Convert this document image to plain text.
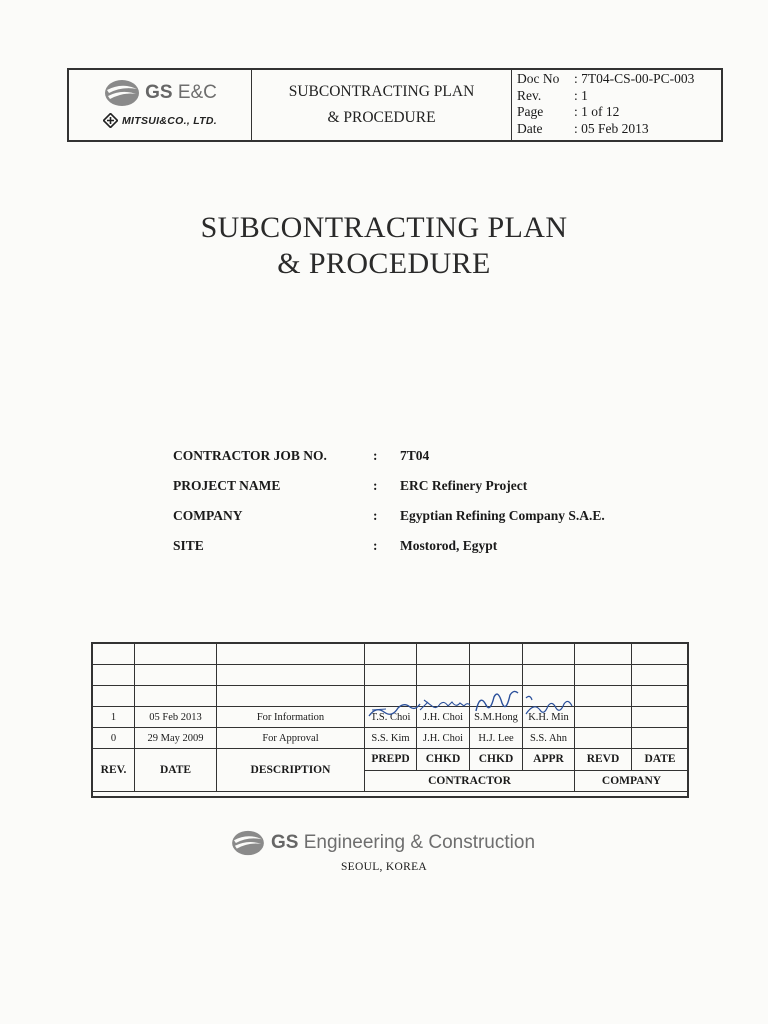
GS E&C
MITSUI&CO., LTD.
SUBCONTRACTING PLAN
& PROCEDURE
Doc No	: 7T04-CS-00-PC-003
Rev.	: 1
Page	: 1 of 12
Date	: 05 Feb 2013
SUBCONTRACTING PLAN
& PROCEDURE
CONTRACTOR JOB NO.	:	7T04
PROJECT NAME	:	ERC Refinery Project
COMPANY	:	Egyptian Refining Company S.A.E.
SITE	:	Mostorod, Egypt

1	05 Feb 2013	For Information	T.S. Choi	J.H. Choi	S.M.Hong	K.H. Min		
0	29 May 2009	For Approval	S.S. Kim	J.H. Choi	H.J. Lee	S.S. Ahn		
REV.	DATE	DESCRIPTION	PREPD	CHKD	CHKD	APPR	REVD	DATE
			CONTRACTOR				COMPANY	
GS Engineering & Construction
SEOUL, KOREA
